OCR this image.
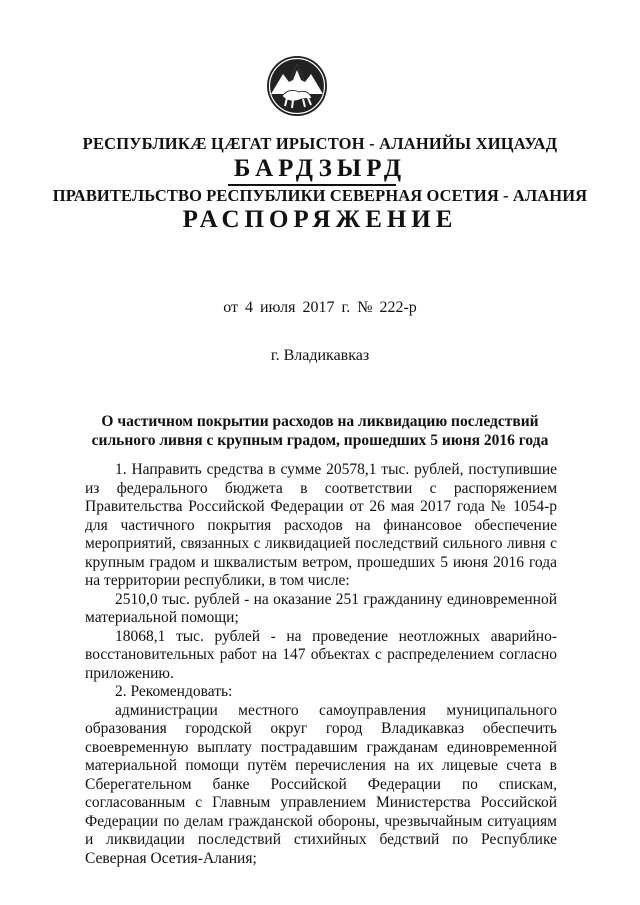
РЕСПУБЛИКÆ ЦÆГАТ ИРЫСТОН - АЛАНИЙЫ ХИЦАУАД
БАРДЗЫРД
ПРАВИТЕЛЬСТВО РЕСПУБЛИКИ СЕВЕРНАЯ ОСЕТИЯ - АЛАНИЯ
РАСПОРЯЖЕНИЕ
от 4 июля 2017 г. № 222-р
г. Владикавказ
О частичном покрытии расходов на ликвидацию последствий
сильного ливня с крупным градом, прошедших 5 июня 2016 года

1. Направить средства в сумме 20578,1 тыс. рублей, поступившие из федерального бюджета в соответствии с распоряжением Правительства Российской Федерации от 26 мая 2017 года № 1054-р для частичного покрытия расходов на финансовое обеспечение мероприятий, связанных с ликвидацией последствий сильного ливня с крупным градом и шквалистым ветром, прошедших 5 июня 2016 года на территории республики, в том числе:

2510,0 тыс. рублей - на оказание 251 гражданину единовременной материальной помощи;

18068,1 тыс. рублей - на проведение неотложных аварийно-восстановительных работ на 147 объектах с распределением согласно приложению.

2. Рекомендовать:

администрации местного самоуправления муниципального образования городской округ город Владикавказ обеспечить своевременную выплату пострадавшим гражданам единовременной материальной помощи путём перечисления на их лицевые счета в Сберегательном банке Российской Федерации по спискам, согласованным с Главным управлением Министерства Российской Федерации по делам гражданской обороны, чрезвычайным ситуациям и ликвидации последствий стихийных бедствий по Республике Северная Осетия-Алания;
